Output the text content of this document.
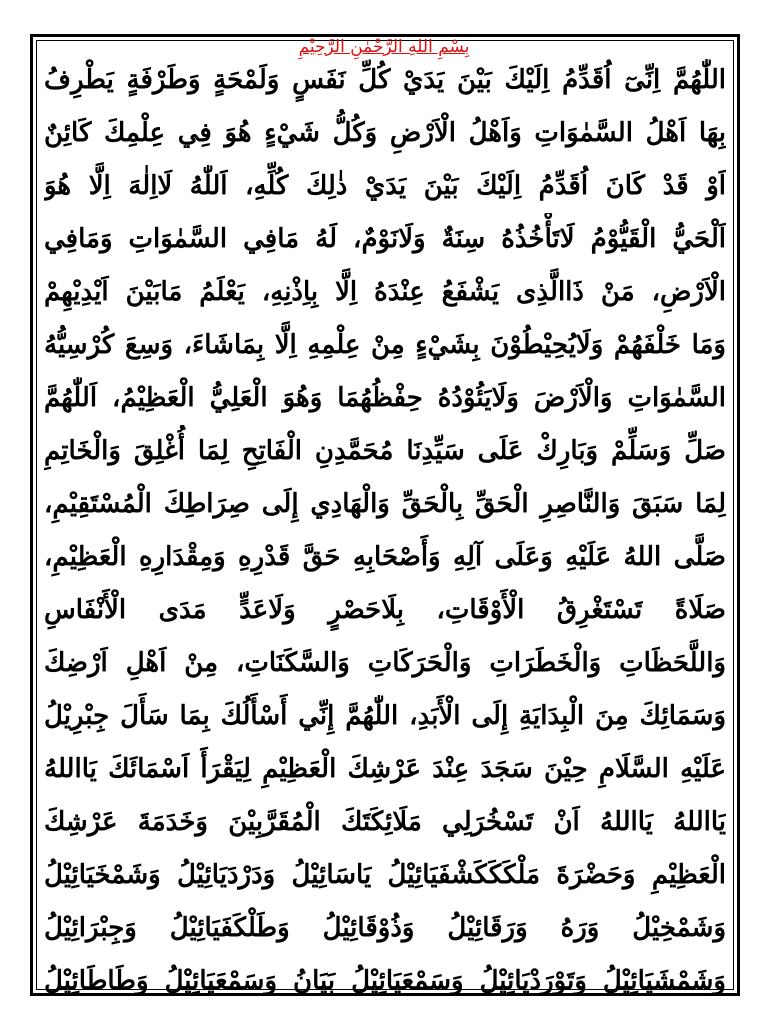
بِسْمِ اللهِ الرَّحْمٰنِ الرَّحِيْمِ
اللّٰهُمَّ اِنِّىٓ اُقَدِّمُ اِلَيْكَ بَيْنَ يَدَيْ كُلِّ نَفَسٍ وَلَمْحَةٍ وَطَرْفَةٍ يَطْرِفُ
بِهَا اَهْلُ السَّمٰوَاتِ وَاَهْلُ الْاَرْضِ وَكُلُّ شَيْءٍ هُوَ فِي عِلْمِكَ كَائِنٌ
اَوْ قَدْ كَانَ اُقَدِّمُ اِلَيْكَ بَيْنَ يَدَيْ ذٰلِكَ كُلِّهِ، اَللّٰهُ لَااِلٰهَ اِلَّا هُوَ
اَلْحَيُّ الْقَيُّوْمُ لَاتَأْخُذُهُ سِنَةٌ وَلَانَوْمٌ، لَهُ مَافِي السَّمٰوَاتِ وَمَافِي
الْاَرْضِ، مَنْ ذَاالَّذِى يَشْفَعُ عِنْدَهُ اِلَّا بِاِذْنِهِ، يَعْلَمُ مَابَيْنَ اَيْدِيْهِمْ
وَمَا خَلْفَهُمْ وَلَايُحِيْطُوْنَ بِشَيْءٍ مِنْ عِلْمِهِ اِلَّا بِمَاشَاءَ، وَسِعَ كُرْسِيُّهُ
السَّمٰوَاتِ وَالْاَرْضَ وَلَايَئُوْدُهُ حِفْظُهُمَا وَهُوَ الْعَلِيُّ الْعَظِيْمُ، اَللّٰهُمَّ
صَلِّ وَسَلِّمْ وَبَارِكْ عَلَى سَيِّدِنَا مُحَمَّدِنِ الْفَاتِحِ لِمَا أُغْلِقَ وَالْخَاتِمِ
لِمَا سَبَقَ وَالنَّاصِرِ الْحَقِّ بِالْحَقِّ وَالْهَادِي إِلَى صِرَاطِكَ الْمُسْتَقِيْمِ،
صَلَّى اللهُ عَلَيْهِ وَعَلَى آلِهِ وَأَصْحَابِهِ حَقَّ قَدْرِهِ وَمِقْدَارِهِ الْعَظِيْمِ،
صَلَاةً تَسْتَغْرِقُ الْأَوْقَاتِ، بِلَاحَصْرٍ وَلَاعَدٍّ مَدَى الْأَنْفَاسِ
وَاللَّحَظَاتِ وَالْخَطَرَاتِ وَالْحَرَكَاتِ وَالسَّكَنَاتِ، مِنْ اَهْلِ اَرْضِكَ
وَسَمَائِكَ مِنَ الْبِدَايَةِ إِلَى الْأَبَدِ، اللّٰهُمَّ إِنِّي أَسْأَلُكَ بِمَا سَأَلَ جِبْرِيْلُ
عَلَيْهِ السَّلَامِ حِيْنَ سَجَدَ عِنْدَ عَرْشِكَ الْعَظِيْمِ لِيَقْرَأَ اَسْمَائَكَ يَااللهُ
يَااللهُ يَااللهُ اَنْ تَسْخُرَلِي مَلَائِكَتَكَ الْمُقَرَّبِيْنَ وَخَدَمَةَ عَرْشِكَ
الْعَظِيْمِ وَحَضْرَةَ مَلْكَكَكَشْفَيَائِيْلُ يَاسَائِيْلُ وَدَرْدَيَائِيْلُ وَشَمْخَيَائِيْلُ
وَشَمْخِيْلُ وَرَهُ وَرَقَائِيْلُ وَذُوْقَائِيْلُ وَطَلْكَفَيَائِيْلُ وَجِبْرَائِيْلُ
وَشَمْشَيَائِيْلُ وَتَوْرَدْيَائِيْلُ وَسَمْعَيَائِيْلُ بَيَانُ وَسَمْعَيَائِيْلُ وَطَاطَائِيْلُ
